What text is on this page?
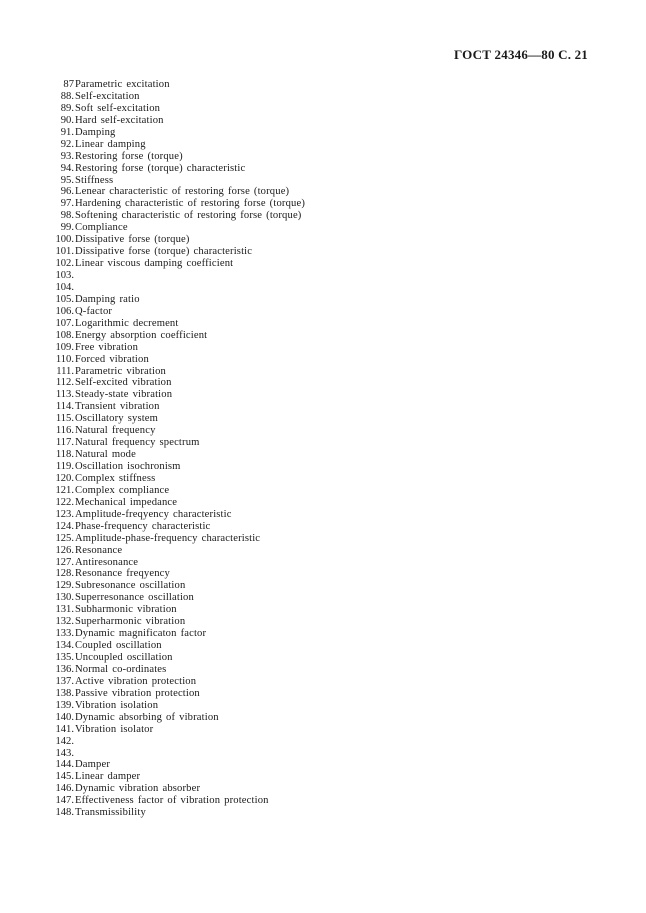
ГОСТ 24346—80 С. 21
87 Parametric excitation
88. Self-excitation
89. Soft self-excitation
90. Hard self-excitation
91. Damping
92. Linear damping
93. Restoring forse (torque)
94. Restoring forse (torque) characteristic
95. Stiffness
96. Lenear characteristic of restoring forse (torque)
97. Hardening characteristic of restoring forse (torque)
98. Softening characteristic of restoring forse (torque)
99. Compliance
100. Dissipative forse (torque)
101. Dissipative forse (torque) characteristic
102. Linear viscous damping coefficient
103.
104.
105. Damping ratio
106. Q-factor
107. Logarithmic decrement
108. Energy absorption coefficient
109. Free vibration
110. Forced vibration
111. Parametric vibration
112. Self-excited vibration
113. Steady-state vibration
114. Transient vibration
115. Oscillatory system
116. Natural frequency
117. Natural frequency spectrum
118. Natural mode
119. Oscillation isochronism
120. Complex stiffness
121. Complex compliance
122. Mechanical impedance
123. Amplitude-freqyency characteristic
124. Phase-frequency characteristic
125. Amplitude-phase-frequency characteristic
126. Resonance
127. Antiresonance
128. Resonance freqyency
129. Subresonance oscillation
130. Superresonance oscillation
131. Subharmonic vibration
132. Superharmonic vibration
133. Dynamic magnificaton factor
134. Coupled oscillation
135. Uncoupled oscillation
136. Normal co-ordinates
137. Active vibration protection
138. Passive vibration protection
139. Vibration isolation
140. Dynamic absorbing of vibration
141. Vibration isolator
142.
143.
144. Damper
145. Linear damper
146. Dynamic vibration absorber
147. Effectiveness factor of vibration protection
148. Transmissibility
